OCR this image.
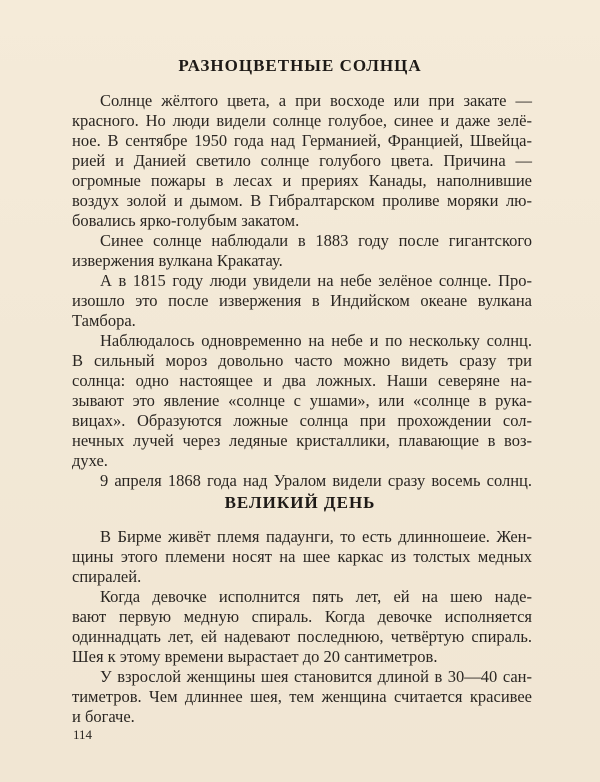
РАЗНОЦВЕТНЫЕ СОЛНЦА
Солнце жёлтого цвета, а при восходе или при закате —
красного. Но люди видели солнце голубое, синее и даже зелё-
ное. В сентябре 1950 года над Германией, Францией, Швейца-
рией и Данией светило солнце голубого цвета. Причина —
огромные пожары в лесах и прериях Канады, наполнившие
воздух золой и дымом. В Гибралтарском проливе моряки лю-
бовались ярко-голубым закатом.
Синее солнце наблюдали в 1883 году после гигантского
извержения вулкана Кракатау.
А в 1815 году люди увидели на небе зелёное солнце. Про-
изошло это после извержения в Индийском океане вулкана
Тамбора.
Наблюдалось одновременно на небе и по нескольку солнц.
В сильный мороз довольно часто можно видеть сразу три
солнца: одно настоящее и два ложных. Наши северяне на-
зывают это явление «солнце с ушами», или «солнце в рука-
вицах». Образуются ложные солнца при прохождении сол-
нечных лучей через ледяные кристаллики, плавающие в воз-
духе.
9 апреля 1868 года над Уралом видели сразу восемь солнц.
ВЕЛИКИЙ ДЕНЬ
В Бирме живёт племя падаунги, то есть длинношеие. Жен-
щины этого племени носят на шее каркас из толстых медных
спиралей.
Когда девочке исполнится пять лет, ей на шею наде-
вают первую медную спираль. Когда девочке исполняется
одиннадцать лет, ей надевают последнюю, четвёртую спираль.
Шея к этому времени вырастает до 20 сантиметров.
У взрослой женщины шея становится длиной в 30—40 сан-
тиметров. Чем длиннее шея, тем женщина считается красивее
и богаче.
114
